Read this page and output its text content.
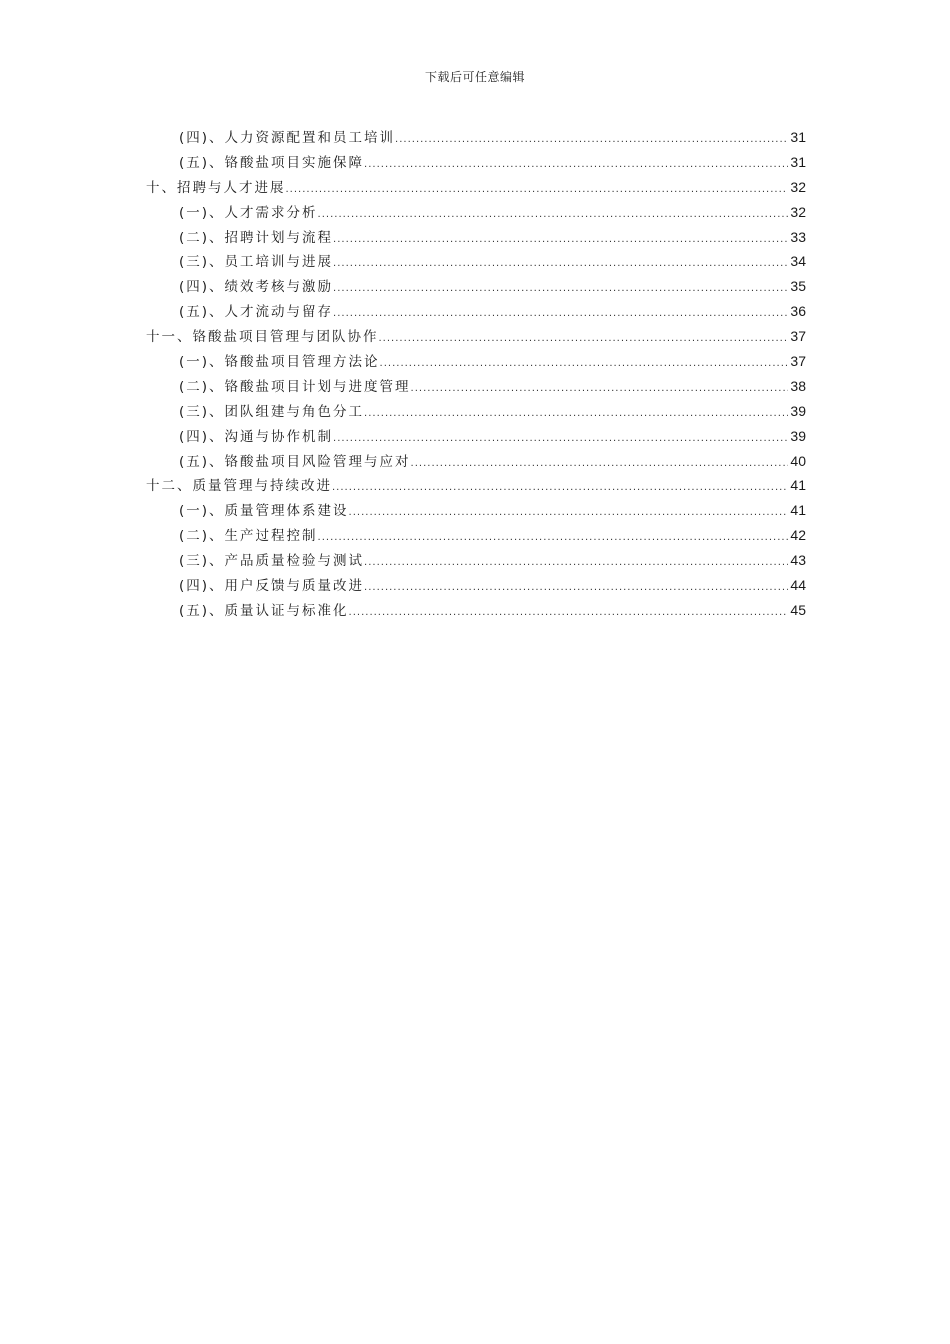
下载后可任意编辑
(四)、人力资源配置和员工培训 .....	31
(五)、铬酸盐项目实施保障 .....	31
十、招聘与人才进展 .....	32
(一)、人才需求分析 .....	32
(二)、招聘计划与流程 .....	33
(三)、员工培训与进展 .....	34
(四)、绩效考核与激励 .....	35
(五)、人才流动与留存 .....	36
十一、铬酸盐项目管理与团队协作 .....	37
(一)、铬酸盐项目管理方法论 .....	37
(二)、铬酸盐项目计划与进度管理 .....	38
(三)、团队组建与角色分工 .....	39
(四)、沟通与协作机制 .....	39
(五)、铬酸盐项目风险管理与应对 .....	40
十二、质量管理与持续改进 .....	41
(一)、质量管理体系建设 .....	41
(二)、生产过程控制 .....	42
(三)、产品质量检验与测试 .....	43
(四)、用户反馈与质量改进 .....	44
(五)、质量认证与标准化 .....	45
